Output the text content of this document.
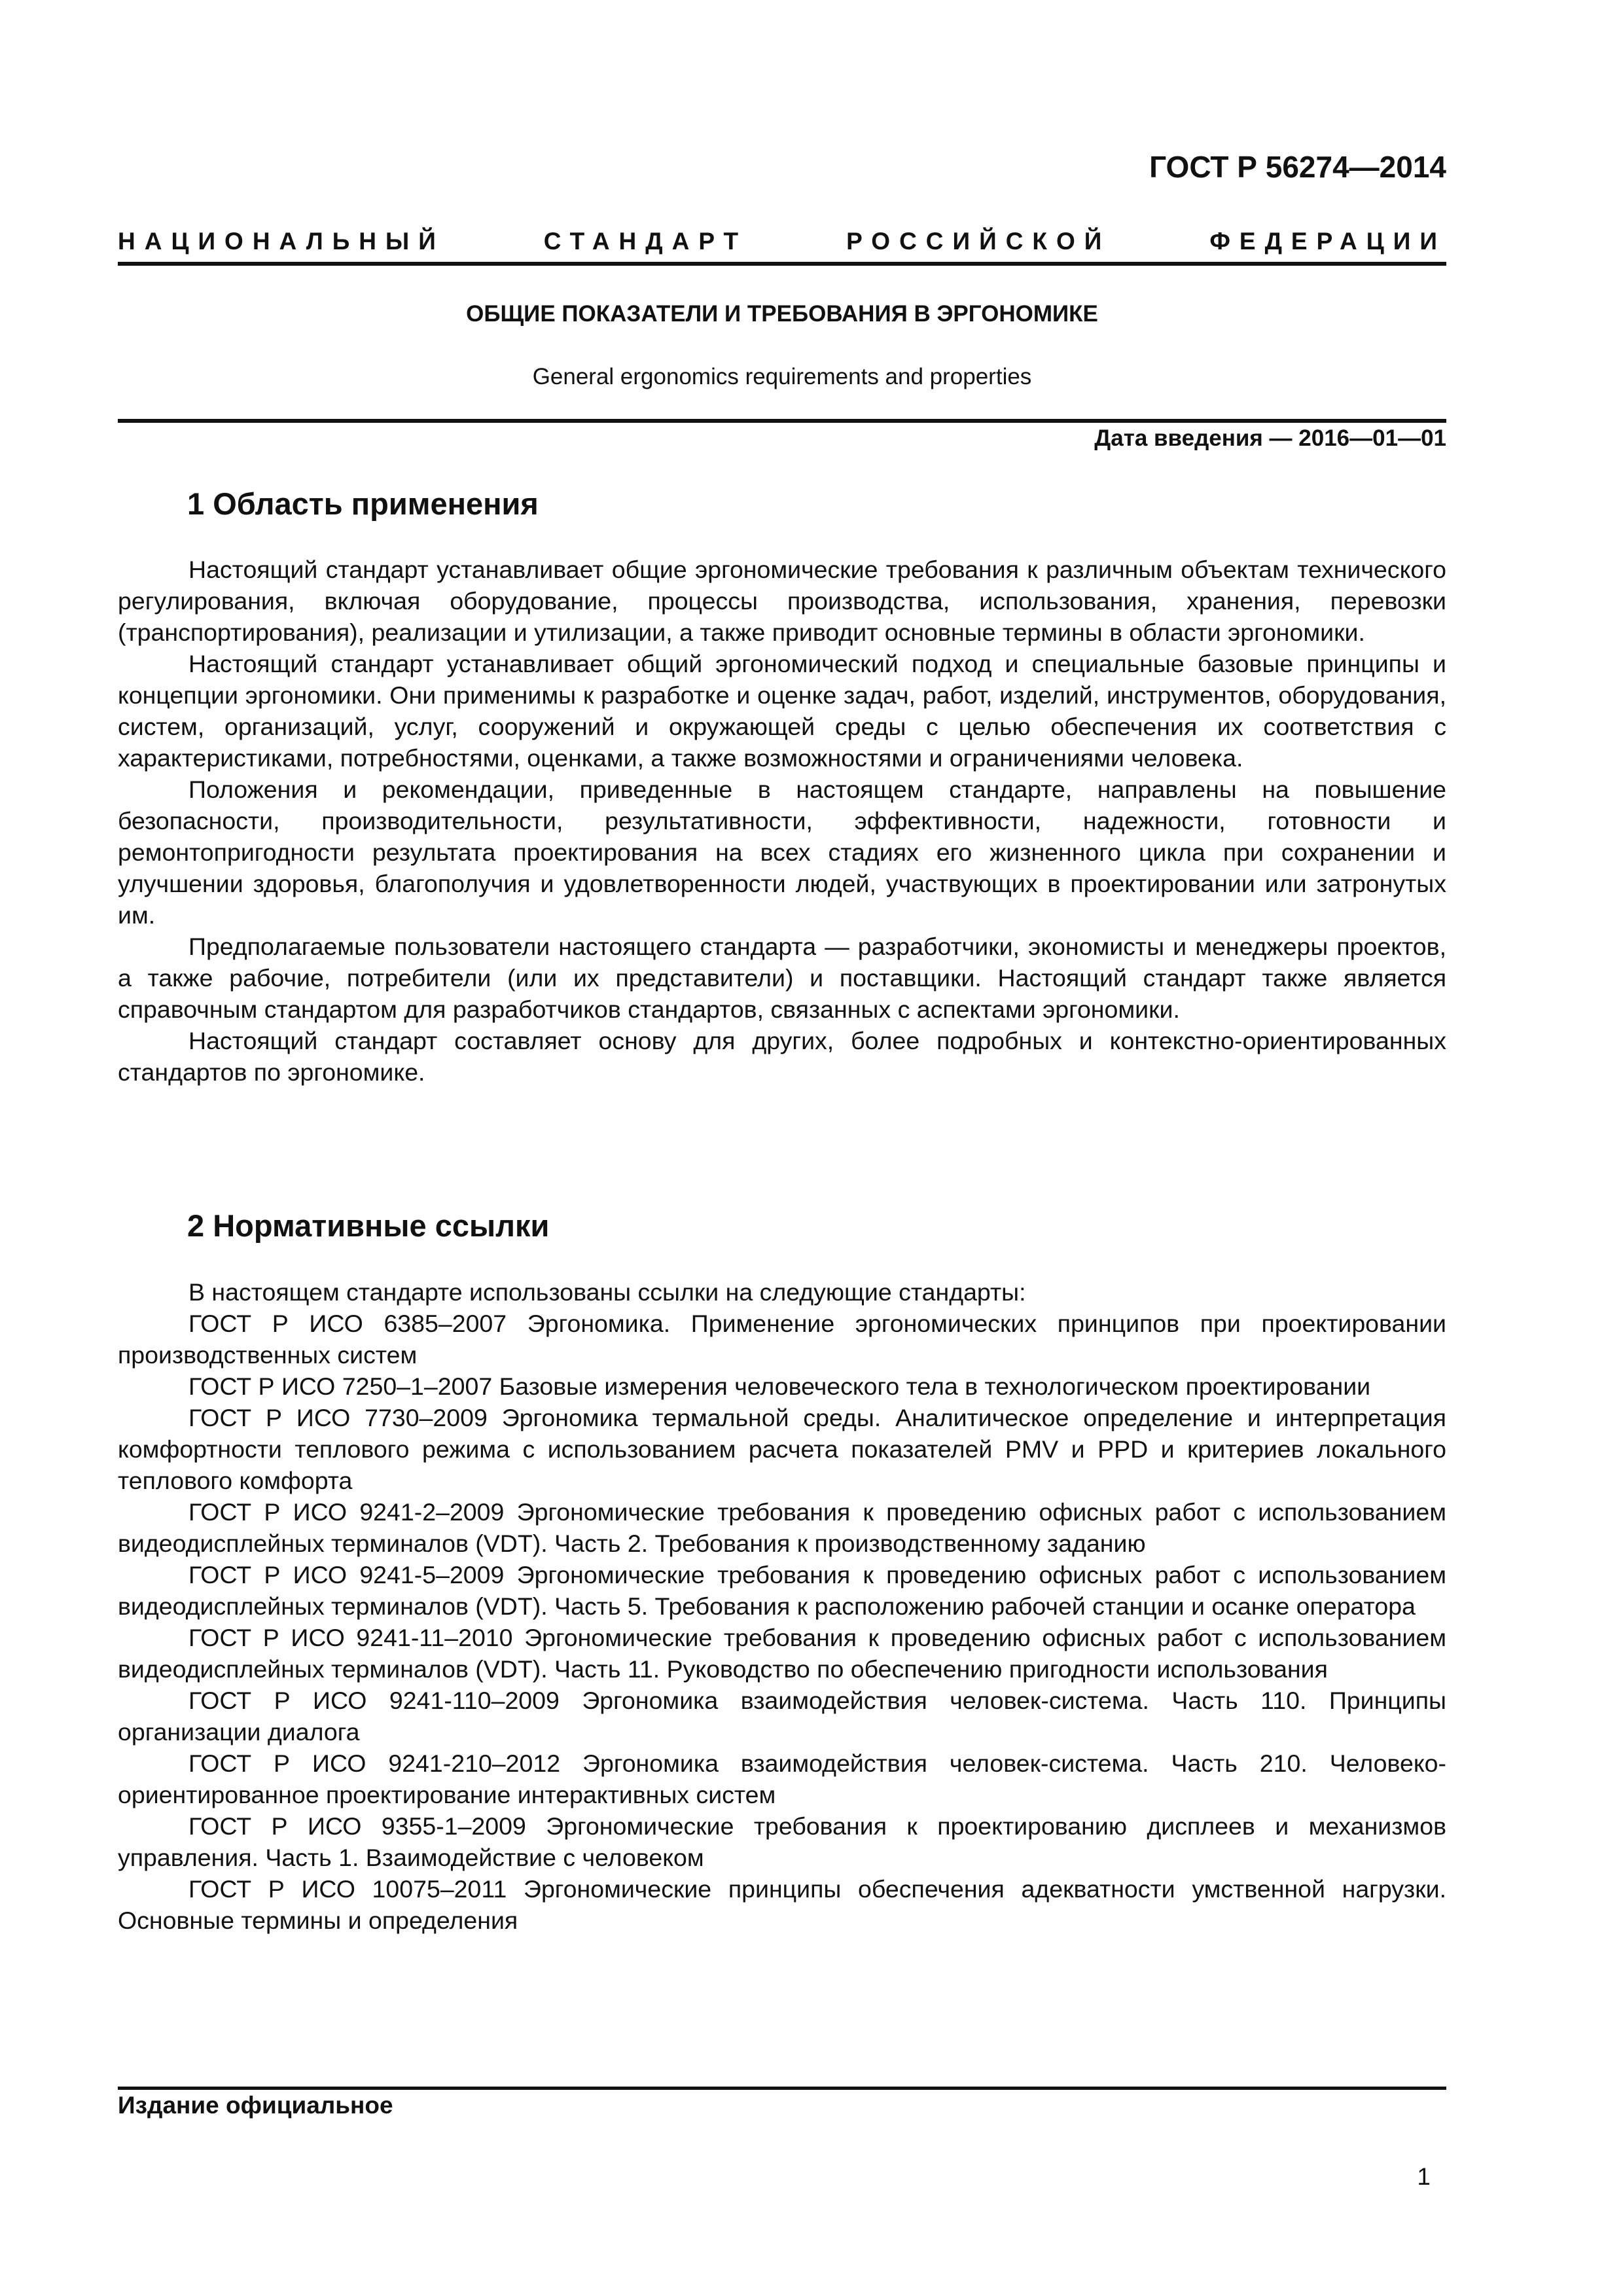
ГОСТ Р 56274—2014
НАЦИОНАЛЬНЫЙ	СТАНДАРТ	РОССИЙСКОЙ	ФЕДЕРАЦИИ
ОБЩИЕ ПОКАЗАТЕЛИ И ТРЕБОВАНИЯ В ЭРГОНОМИКЕ
General ergonomics requirements and properties
Дата введения — 2016—01—01
1 Область применения

Настоящий стандарт устанавливает общие эргономические требования к различным объектам технического регулирования, включая оборудование, процессы производства, использования, хранения, перевозки (транспортирования), реализации и утилизации, а также приводит основные термины в области эргономики.

Настоящий стандарт устанавливает общий эргономический подход и специальные базовые принципы и концепции эргономики. Они применимы к разработке и оценке задач, работ, изделий, инструментов, оборудования, систем, организаций, услуг, сооружений и окружающей среды с целью обеспечения их соответствия с характеристиками, потребностями, оценками, а также возможностями и ограничениями человека.

Положения и рекомендации, приведенные в настоящем стандарте, направлены на повышение безопасности, производительности, результативности, эффективности, надежности, готовности и ремонтопригодности результата проектирования на всех стадиях его жизненного цикла при сохранении и улучшении здоровья, благополучия и удовлетворенности людей, участвующих в проектировании или затронутых им.

Предполагаемые пользователи настоящего стандарта — разработчики, экономисты и менеджеры проектов, а также рабочие, потребители (или их представители) и поставщики. Настоящий стандарт также является справочным стандартом для разработчиков стандартов, связанных с аспектами эргономики.

Настоящий стандарт составляет основу для других, более подробных и контекстно-ориентированных стандартов по эргономике.

2 Нормативные ссылки

В настоящем стандарте использованы ссылки на следующие стандарты:

ГОСТ Р ИСО 6385–2007 Эргономика. Применение эргономических принципов при проектировании производственных систем

ГОСТ Р ИСО 7250–1–2007 Базовые измерения человеческого тела в технологическом проектировании

ГОСТ Р ИСО 7730–2009 Эргономика термальной среды. Аналитическое определение и интерпретация комфортности теплового режима с использованием расчета показателей PMV и PPD и критериев локального теплового комфорта

ГОСТ Р ИСО 9241-2–2009 Эргономические требования к проведению офисных работ с использованием видеодисплейных терминалов (VDT). Часть 2. Требования к производственному заданию

ГОСТ Р ИСО 9241-5–2009 Эргономические требования к проведению офисных работ с использованием видеодисплейных терминалов (VDT). Часть 5. Требования к расположению рабочей станции и осанке оператора

ГОСТ Р ИСО 9241-11–2010 Эргономические требования к проведению офисных работ с использованием видеодисплейных терминалов (VDT). Часть 11. Руководство по обеспечению пригодности использования

ГОСТ Р ИСО 9241-110–2009 Эргономика взаимодействия человек-система. Часть 110. Принципы организации диалога

ГОСТ Р ИСО 9241-210–2012 Эргономика взаимодействия человек-система. Часть 210. Человеко-ориентированное проектирование интерактивных систем

ГОСТ Р ИСО 9355-1–2009 Эргономические требования к проектированию дисплеев и механизмов управления. Часть 1. Взаимодействие с человеком

ГОСТ Р ИСО 10075–2011 Эргономические принципы обеспечения адекватности умственной нагрузки. Основные термины и определения

Издание официальное
1
